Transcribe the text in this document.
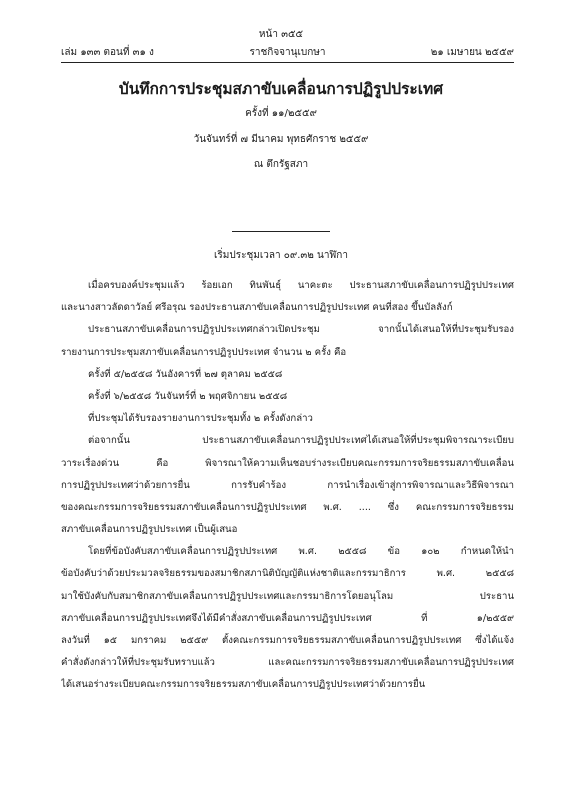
หน้า ๓๕๕
เล่ม ๑๓๓ ตอนที่ ๓๑ ง	ราชกิจจานุเบกษา	๒๑ เมษายน ๒๕๕๙
บันทึกการประชุมสภาขับเคลื่อนการปฏิรูปประเทศ
ครั้งที่ ๑๑/๒๕๕๙
วันจันทร์ที่ ๗ มีนาคม พุทธศักราช ๒๕๕๙
ณ ตึกรัฐสภา
เริ่มประชุมเวลา ๐๙.๓๒ นาฬิกา
เมื่อครบองค์ประชุมแล้ว ร้อยเอก ทินพันธุ์ นาคะตะ ประธานสภาขับเคลื่อนการปฏิรูปประเทศ
และนางสาวลัดดาวัลย์ ศรีอรุณ รองประธานสภาขับเคลื่อนการปฏิรูปประเทศ คนที่สอง ขึ้นบัลลังก์
ประธานสภาขับเคลื่อนการปฏิรูปประเทศกล่าวเปิดประชุม จากนั้นได้เสนอให้ที่ประชุมรับรอง
รายงานการประชุมสภาขับเคลื่อนการปฏิรูปประเทศ จำนวน ๒ ครั้ง คือ
ครั้งที่ ๕/๒๕๕๘ วันอังคารที่ ๒๗ ตุลาคม ๒๕๕๘
ครั้งที่ ๖/๒๕๕๘ วันจันทร์ที่ ๒ พฤศจิกายน ๒๕๕๘
ที่ประชุมได้รับรองรายงานการประชุมทั้ง ๒ ครั้งดังกล่าว
ต่อจากนั้น ประธานสภาขับเคลื่อนการปฏิรูปประเทศได้เสนอให้ที่ประชุมพิจารณาระเบียบ
วาระเรื่องด่วน คือ พิจารณาให้ความเห็นชอบร่างระเบียบคณะกรรมการจริยธรรมสภาขับเคลื่อน
การปฏิรูปประเทศว่าด้วยการยื่น การรับคำร้อง การนำเรื่องเข้าสู่การพิจารณาและวิธีพิจารณา
ของคณะกรรมการจริยธรรมสภาขับเคลื่อนการปฏิรูปประเทศ พ.ศ. .... ซึ่ง คณะกรรมการจริยธรรม
สภาขับเคลื่อนการปฏิรูปประเทศ เป็นผู้เสนอ
โดยที่ข้อบังคับสภาขับเคลื่อนการปฏิรูปประเทศ พ.ศ. ๒๕๕๘ ข้อ ๑๐๒ กำหนดให้นำ
ข้อบังคับว่าด้วยประมวลจริยธรรมของสมาชิกสภานิติบัญญัติแห่งชาติและกรรมาธิการ พ.ศ. ๒๕๕๘
มาใช้บังคับกับสมาชิกสภาขับเคลื่อนการปฏิรูปประเทศและกรรมาธิการโดยอนุโลม ประธาน
สภาขับเคลื่อนการปฏิรูปประเทศจึงได้มีคำสั่งสภาขับเคลื่อนการปฏิรูปประเทศ ที่ ๑/๒๕๕๙
ลงวันที่ ๑๕ มกราคม ๒๕๕๙ ตั้งคณะกรรมการจริยธรรมสภาขับเคลื่อนการปฏิรูปประเทศ ซึ่งได้แจ้ง
คำสั่งดังกล่าวให้ที่ประชุมรับทราบแล้ว และคณะกรรมการจริยธรรมสภาขับเคลื่อนการปฏิรูปประเทศ
ได้เสนอร่างระเบียบคณะกรรมการจริยธรรมสภาขับเคลื่อนการปฏิรูปประเทศว่าด้วยการยื่น
